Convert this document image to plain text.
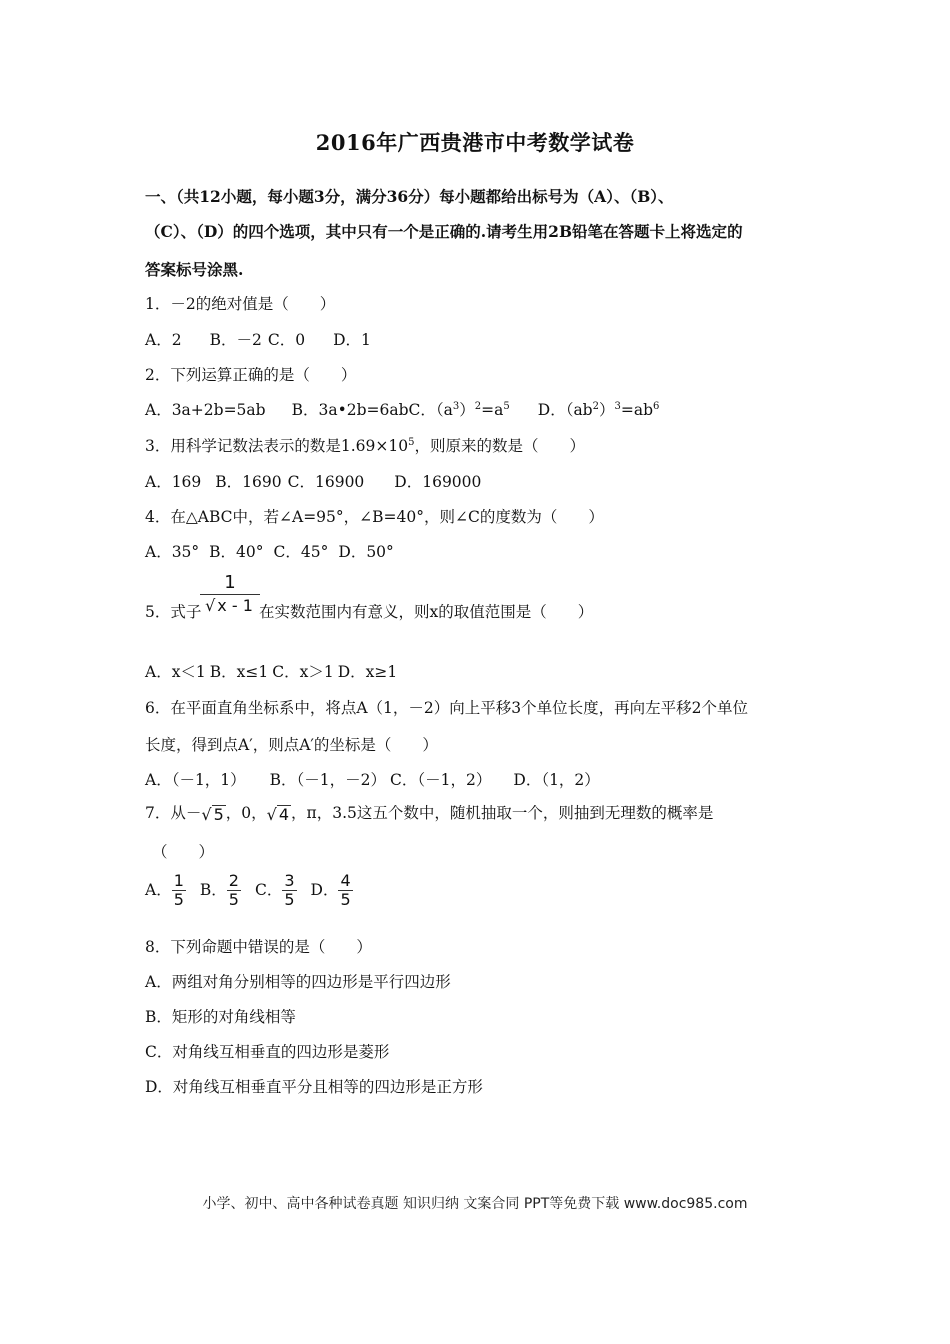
2016年广西贵港市中考数学试卷
一、（共12小题，每小题3分，满分36分）每小题都给出标号为（A）、（B）、
（C）、（D）的四个选项，其中只有一个是正确的.请考生用2B铅笔在答题卡上将选定的
答案标号涂黑.
1．－2的绝对值是（　　）
A．2 B．－2 C．0 D．1
2．下列运算正确的是（　　）
A．3a+2b=5ab B．3a•2b=6abC．$(a^3)^2=a^5$ D．$(ab^2)^3=ab^6$
3．用科学记数法表示的数是$1.69\times 10^5$，则原来的数是（　　）
A．169 B．1690 C．16900 D．169000
4．在△ABC中，若∠A=95°，∠B=40°，则∠C的度数为（　　）
A．35° B．40° C．45° D．50°
5．式子
$\frac{1}{√ x - 1}$ 在实数范围内有意义，则x的取值范围是（　　）
A．x＜1 B．x≤1 C．x＞1 D．x≥1
6．在平面直角坐标系中，将点A（1，－2）向上平移3个单位长度，再向左平移2个单位
长度，得到点A′，则点A′的坐标是（　　）
A．（－1，1） B．（－1，－2） C．（－1，2） D．（1，2）
7．从－√ 5 ，0，√ 4 ，π，3.5这五个数中，随机抽取一个，则抽到无理数的概率是
（　　）
A． $\frac{1}{5}$ B． $\frac{2}{5}$ C． $\frac{3}{5}$ D． $\frac{4}{5}$
8．下列命题中错误的是（　　）
A．两组对角分别相等的四边形是平行四边形
B．矩形的对角线相等
C．对角线互相垂直的四边形是菱形
D．对角线互相垂直平分且相等的四边形是正方形
小学、初中、高中各种试卷真题 知识归纳 文案合同 PPT等免费下载 www.doc985.com
